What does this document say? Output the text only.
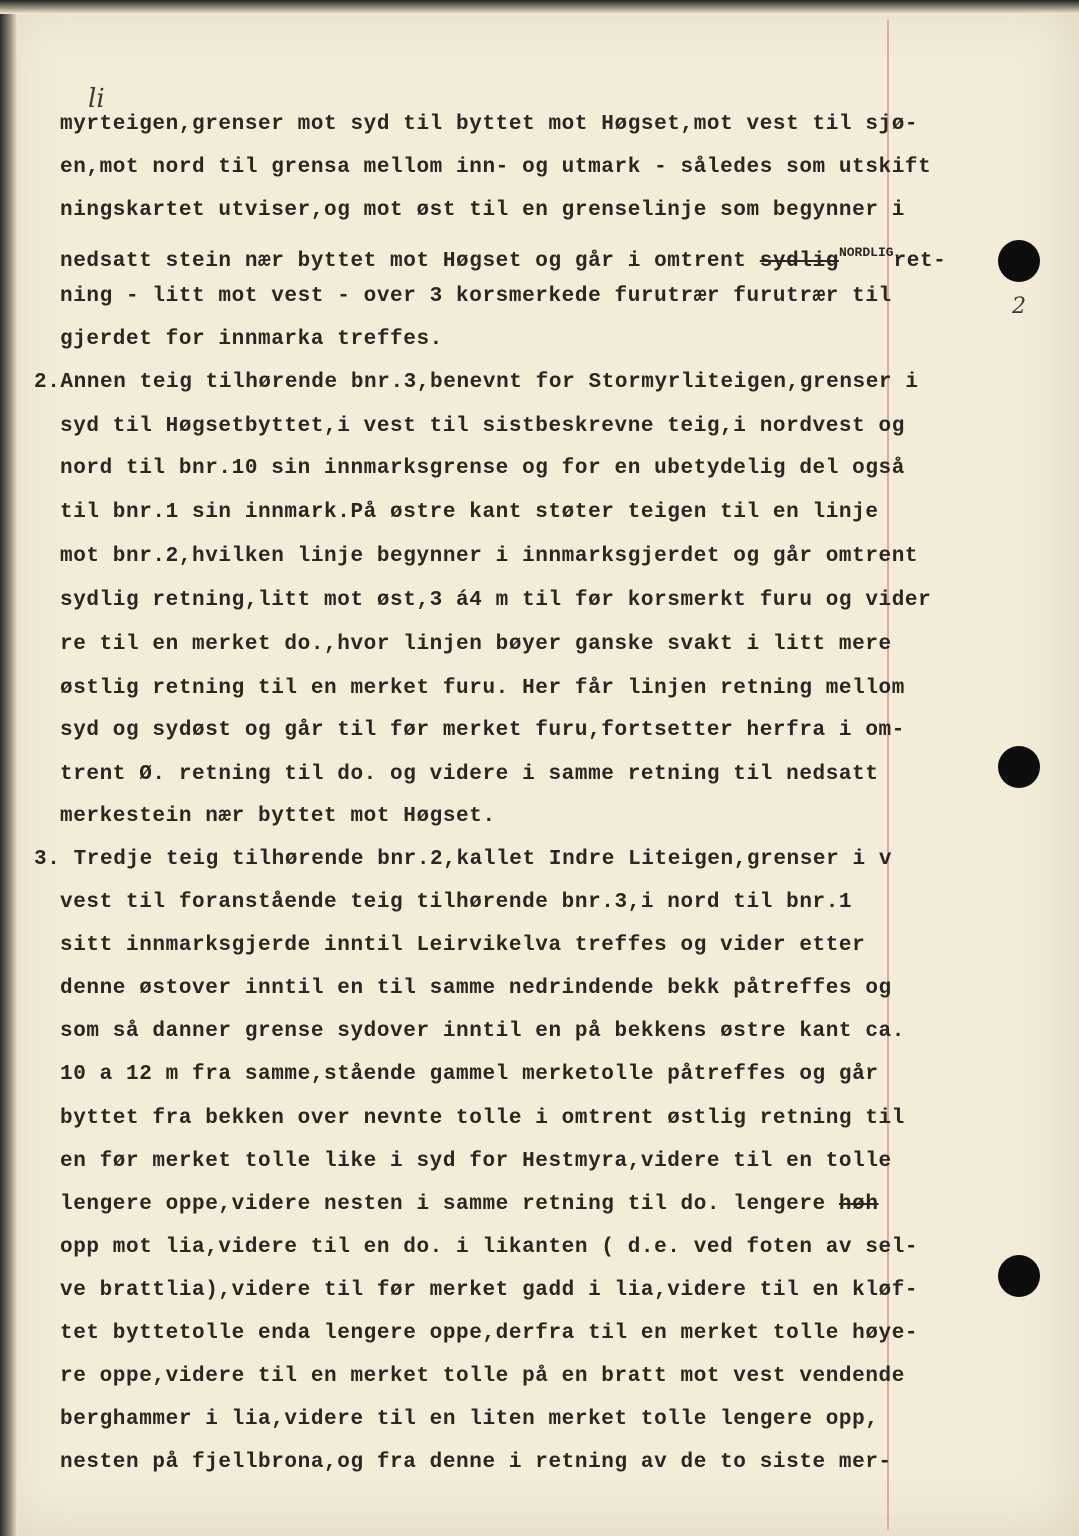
li
2
myrteigen,grenser mot syd til byttet mot Høgset,mot vest til sjø-
en,mot nord til grensa mellom inn- og utmark - således som utskift
ningskartet utviser,og mot øst til en grenselinje som begynner i
nedsatt stein nær byttet mot Høgset og går i omtrent sydlig$^{NORDLIG}$ret-
ning - litt mot vest - over 3 korsmerkede furutrær furutrær til
gjerdet for innmarka treffes.
2.Annen teig tilhørende bnr.3,benevnt for Stormyrliteigen,grenser i
syd til Høgsetbyttet,i vest til sistbeskrevne teig,i nordvest og
nord til bnr.10 sin innmarksgrense og for en ubetydelig del også
til bnr.1 sin innmark.På østre kant støter teigen til en linje
mot bnr.2,hvilken linje begynner i innmarksgjerdet og går omtrent
sydlig retning,litt mot øst,3 á4 m til før korsmerkt furu og vider
re til en merket do.,hvor linjen bøyer ganske svakt i litt mere
østlig retning til en merket furu. Her får linjen retning mellom
syd og sydøst og går til før merket furu,fortsetter herfra i om-
trent Ø. retning til do. og videre i samme retning til nedsatt
merkestein nær byttet mot Høgset.
3. Tredje teig tilhørende bnr.2,kallet Indre Liteigen,grenser i v
vest til foranstående teig tilhørende bnr.3,i nord til bnr.1
sitt innmarksgjerde inntil Leirvikelva treffes og vider etter
denne østover inntil en til samme nedrindende bekk påtreffes og
som så danner grense sydover inntil en på bekkens østre kant ca.
10 a 12 m fra samme,stående gammel merketolle påtreffes og går
byttet fra bekken over nevnte tolle i omtrent østlig retning til
en før merket tolle like i syd for Hestmyra,videre til en tolle
lengere oppe,videre nesten i samme retning til do. lengere høh
opp mot lia,videre til en do. i likanten ( d.e. ved foten av sel-
ve brattlia),videre til før merket gadd i lia,videre til en kløf-
tet byttetolle enda lengere oppe,derfra til en merket tolle høye-
re oppe,videre til en merket tolle på en bratt mot vest vendende
berghammer i lia,videre til en liten merket tolle lengere opp,
nesten på fjellbrona,og fra denne i retning av de to siste mer-
